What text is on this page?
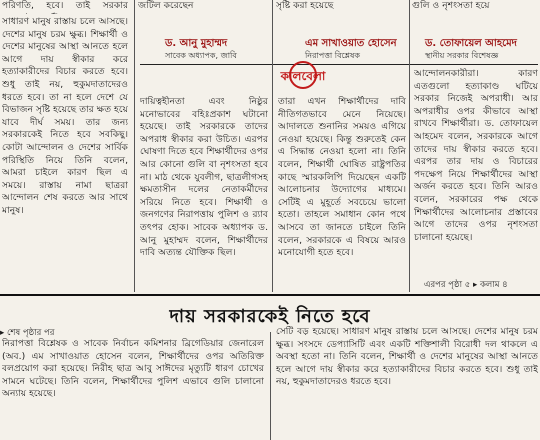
পরিণতি, হবে। তাই সরকার জটিল করেছেন	সৃষ্টি করা হয়েছে	গুলি ও নৃশংসতা হয়ে

ড. আনু মুহাম্মদ
সাবেক অধ্যাপক, জাবি
এম সাখাওয়াত হোসেন
নিরাপত্তা বিশ্লেষক
ড. তোফায়েল আহমেদ
স্থানীয় সরকার বিশেষজ্ঞ

সাধারণ মানুষ রাস্তায় চলে আসছে। দেশের মানুষ চরম ক্ষুব্ধ। শিক্ষার্থী ও দেশের মানুষের আস্থা আনতে হলে আগে দায় স্বীকার করে হত্যাকারীদের বিচার করতে হবে। শুধু তাই নয়, হুকুমদাতাদেরও ধরতে হবে। তা না হলে দেশে যে বিভাজন সৃষ্টি হয়েছে তার ক্ষত হয়ে যাবে দীর্ঘ সময়। তার জন্য সরকারকেই নিতে হবে সবকিছু। কোটা আন্দোলন ও দেশের সার্বিক পরিস্থিতি নিয়ে তিনি বলেন, আমরা চাইলে কারণ ছিল এ সময়ে। রাস্তায় নামা ছাত্ররা আন্দোলন শেষ করতে আর সাথে মানুষ।

দায়িত্বহীনতা এবং নিষ্ঠুর মনোভাবের বহিঃপ্রকাশ ঘটানো হয়েছে। তাই সরকারকে তাদের অপরাধ স্বীকার করা উচিত। এরপর ঘোষণা দিতে হবে শিক্ষার্থীদের ওপর আর কোনো গুলি বা নৃশংসতা হবে না। মাঠ থেকে যুবলীগ, ছাত্রলীগসহ ক্ষমতাসীন দলের নেতাকর্মীদের সরিয়ে নিতে হবে। শিক্ষার্থী ও জনগণের নিরাপত্তায় পুলিশ ও র‌্যাব তৎপর হোক। সাবেক অধ্যাপক ড. আনু মুহাম্মদ বলেন, শিক্ষার্থীদের দাবি অত্যন্ত যৌক্তিক ছিল।

তারা এখন শিক্ষার্থীদের দাবি নীতিগতভাবে মেনে নিয়েছে। আদালতে শুনানির সময়ও এগিয়ে নেওয়া হয়েছে। কিন্তু শুরুতেই কেন এ সিদ্ধান্ত নেওয়া হলো না। তিনি বলেন, শিক্ষার্থী ঘোষিত রাষ্ট্রপতির কাছে স্মারকলিপি দিয়েছেন একটি আলোচনার উদ্যোগের মাধ্যমে। সেটিই এ মুহূর্তে সবচেয়ে ভালো হতো। তাহলে সমাধান কোন পথে আসবে তা জানতে চাইলে তিনি বলেন, সরকারকে এ বিষয়ে আরও মনোযোগী হতে হবে।

আন্দোলনকারীরা। কারণ এতগুলো হত্যাকাণ্ড ঘটিয়ে সরকার নিজেই অপরাধী। আর অপরাধীর ওপর কীভাবে আস্থা রাখবে শিক্ষার্থীরা। ড. তোফায়েল আহমেদ বলেন, সরকারকে আগে তাদের দায় স্বীকার করতে হবে। এরপর তার দায় ও বিচারের পদক্ষেপ নিয়ে শিক্ষার্থীদের আস্থা অর্জন করতে হবে। তিনি আরও বলেন, সরকারের পক্ষ থেকে শিক্ষার্থীদের আলোচনার প্রস্তাবের আগে তাদের ওপর নৃশংসতা চালানো হয়েছে।

কালবেলা
এরপর পৃষ্ঠা ৫ ▸ কলাম ৪
দায় সরকারকেই নিতে হবে
▸ শেষ পৃষ্ঠার পর

নিরাপত্তা বিশ্লেষক ও সাবেক নির্বাচন কমিশনার ব্রিগেডিয়ার জেনারেল (অব.) এম সাখাওয়াত হোসেন বলেন, শিক্ষার্থীদের ওপর অতিরিক্ত বলপ্রয়োগ করা হয়েছে। নিরীহ ছাত্র আবু সাঈদের মৃত্যুটি ধারণ চোখের সামনে ঘটেছে। তিনি বলেন, শিক্ষার্থীদের পুলিশ এভাবে গুলি চালানো অন্যায় হয়েছে।

সেটি বড় হয়েছে। সাধারণ মানুষ রাস্তায় চলে আসছে। দেশের মানুষ চরম ক্ষুব্ধ। সংসদে ডেপ্যাসিটি এবং একটি শক্তিশালী বিরোধী দল থাকলে এ অবস্থা হতো না। তিনি বলেন, শিক্ষার্থী ও দেশের মানুষের আস্থা আনতে হলে আগে দায় স্বীকার করে হত্যাকারীদের বিচার করতে হবে। শুধু তাই নয়, হুকুমদাতাদেরও ধরতে হবে।
